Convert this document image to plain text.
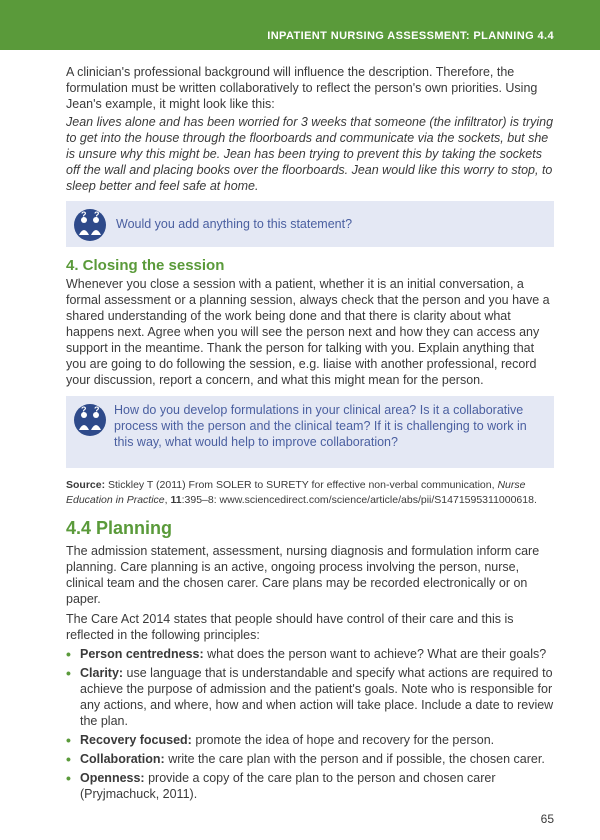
INPATIENT NURSING ASSESSMENT: PLANNING 4.4

A clinician's professional background will influence the description. Therefore, the formulation must be written collaboratively to reflect the person's own priorities. Using Jean's example, it might look like this:

Jean lives alone and has been worried for 3 weeks that someone (the infiltrator) is trying to get into the house through the floorboards and communicate via the sockets, but she is unsure why this might be. Jean has been trying to prevent this by taking the sockets off the wall and placing books over the floorboards. Jean would like this worry to stop, to sleep better and feel safe at home.

? ?
Would you add anything to this statement?
4. Closing the session

Whenever you close a session with a patient, whether it is an initial conversation, a formal assessment or a planning session, always check that the person and you have a shared understanding of the work being done and that there is clarity about what happens next. Agree when you will see the person next and how they can access any support in the meantime. Thank the person for talking with you. Explain anything that you are going to do following the session, e.g. liaise with another professional, record your discussion, report a concern, and what this might mean for the person.

? ? How do you develop formulations in your clinical area? Is it a collaborative process with the person and the clinical team? If it is challenging to work in this way, what would help to improve collaboration?

Source: Stickley T (2011) From SOLER to SURETY for effective non-verbal communication, Nurse Education in Practice, 11:395–8: www.sciencedirect.com/science/article/abs/pii/S1471595311000618.

4.4 Planning

The admission statement, assessment, nursing diagnosis and formulation inform care planning. Care planning is an active, ongoing process involving the person, nurse, clinical team and the chosen carer. Care plans may be recorded electronically or on paper.

The Care Act 2014 states that people should have control of their care and this is reflected in the following principles:

• Person centredness: what does the person want to achieve? What are their goals?
• Clarity: use language that is understandable and specify what actions are required to achieve the purpose of admission and the patient's goals. Note who is responsible for any actions, and where, how and when action will take place. Include a date to review the plan.
• Recovery focused: promote the idea of hope and recovery for the person.
• Collaboration: write the care plan with the person and if possible, the chosen carer.
• Openness: provide a copy of the care plan to the person and chosen carer (Pryjmachuck, 2011).
65
